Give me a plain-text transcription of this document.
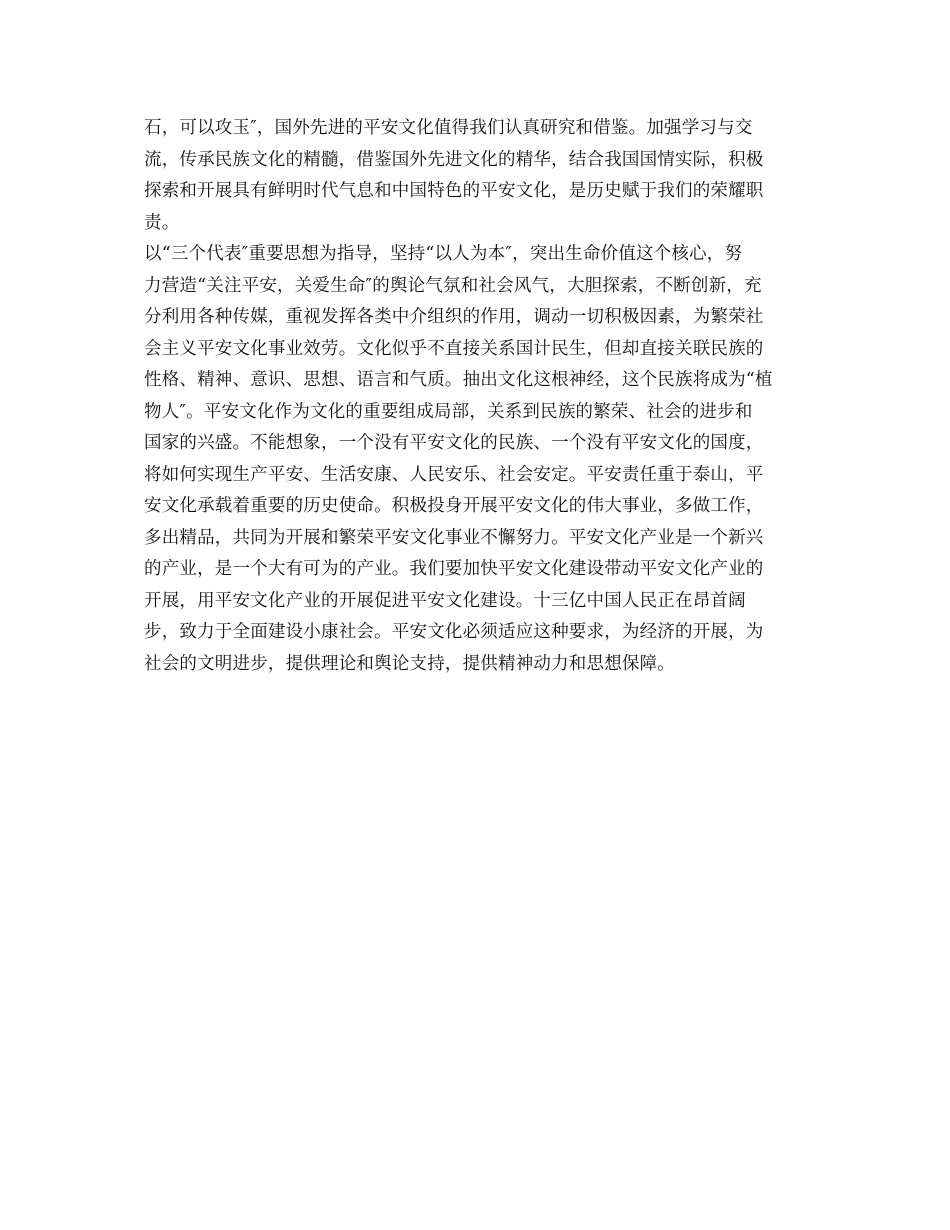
石，可以攻玉″，国外先进的平安文化值得我们认真研究和借鉴。加强学习与交
流，传承民族文化的精髓，借鉴国外先进文化的精华，结合我国国情实际，积极
探索和开展具有鲜明时代气息和中国特色的平安文化，是历史赋于我们的荣耀职
责。
以“三个代表″重要思想为指导，坚持“以人为本″，突出生命价值这个核心，努
力营造“关注平安，关爱生命″的舆论气氛和社会风气，大胆探索，不断创新，充
分利用各种传媒，重视发挥各类中介组织的作用，调动一切积极因素，为繁荣社
会主义平安文化事业效劳。文化似乎不直接关系国计民生，但却直接关联民族的
性格、精神、意识、思想、语言和气质。抽出文化这根神经，这个民族将成为“植
物人″。平安文化作为文化的重要组成局部，关系到民族的繁荣、社会的进步和
国家的兴盛。不能想象，一个没有平安文化的民族、一个没有平安文化的国度，
将如何实现生产平安、生活安康、人民安乐、社会安定。平安责任重于泰山，平
安文化承载着重要的历史使命。积极投身开展平安文化的伟大事业，多做工作，
多出精品，共同为开展和繁荣平安文化事业不懈努力。平安文化产业是一个新兴
的产业，是一个大有可为的产业。我们要加快平安文化建设带动平安文化产业的
开展，用平安文化产业的开展促进平安文化建设。十三亿中国人民正在昂首阔
步，致力于全面建设小康社会。平安文化必须适应这种要求，为经济的开展，为
社会的文明进步，提供理论和舆论支持，提供精神动力和思想保障。
